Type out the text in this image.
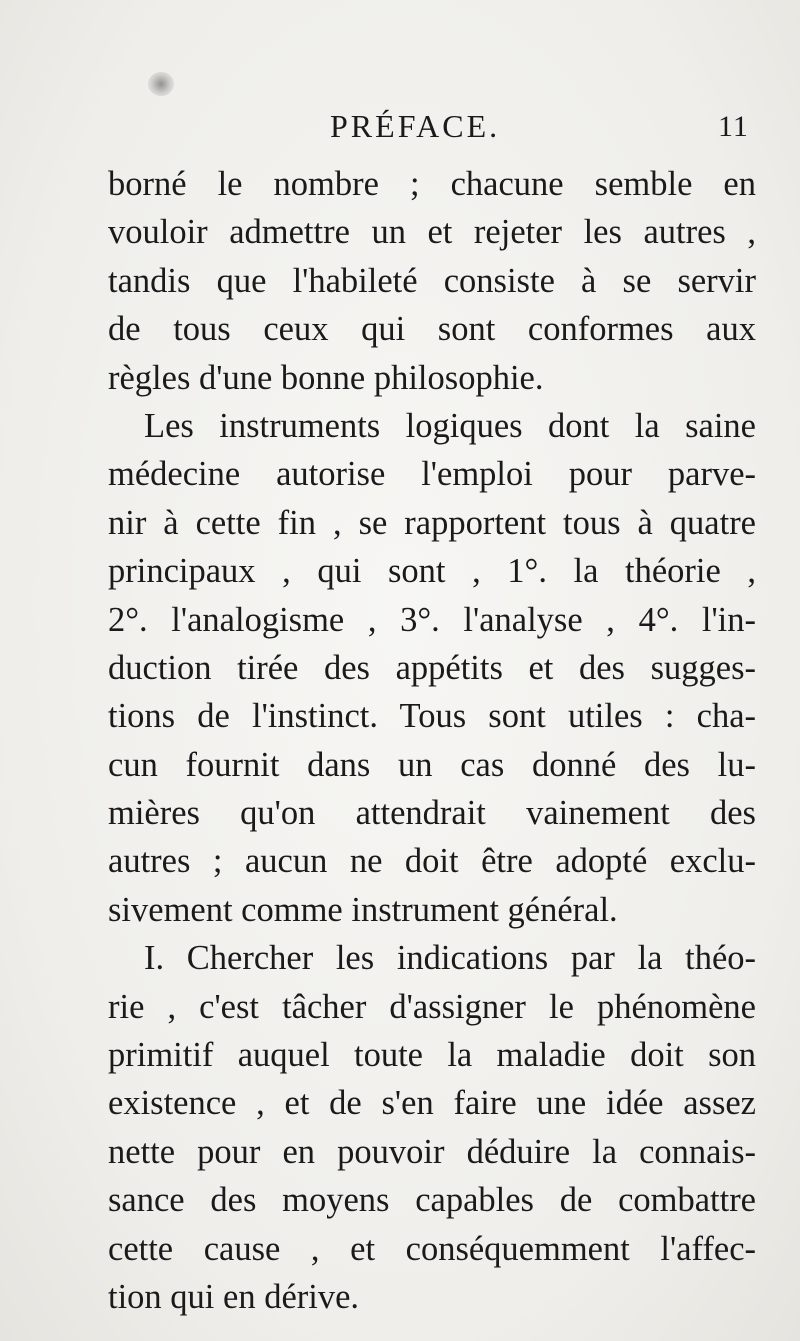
PRÉFACE.	11
borné le nombre ; chacune semble en
vouloir admettre un et rejeter les autres ,
tandis que l'habileté consiste à se servir
de tous ceux qui sont conformes aux
règles d'une bonne philosophie.
Les instruments logiques dont la saine
médecine autorise l'emploi pour parve-
nir à cette fin , se rapportent tous à quatre
principaux , qui sont , 1°. la théorie ,
2°. l'analogisme , 3°. l'analyse , 4°. l'in-
duction tirée des appétits et des sugges-
tions de l'instinct. Tous sont utiles : cha-
cun fournit dans un cas donné des lu-
mières qu'on attendrait vainement des
autres ; aucun ne doit être adopté exclu-
sivement comme instrument général.
I. Chercher les indications par la théo-
rie , c'est tâcher d'assigner le phénomène
primitif auquel toute la maladie doit son
existence , et de s'en faire une idée assez
nette pour en pouvoir déduire la connais-
sance des moyens capables de combattre
cette cause , et conséquemment l'affec-
tion qui en dérive.
